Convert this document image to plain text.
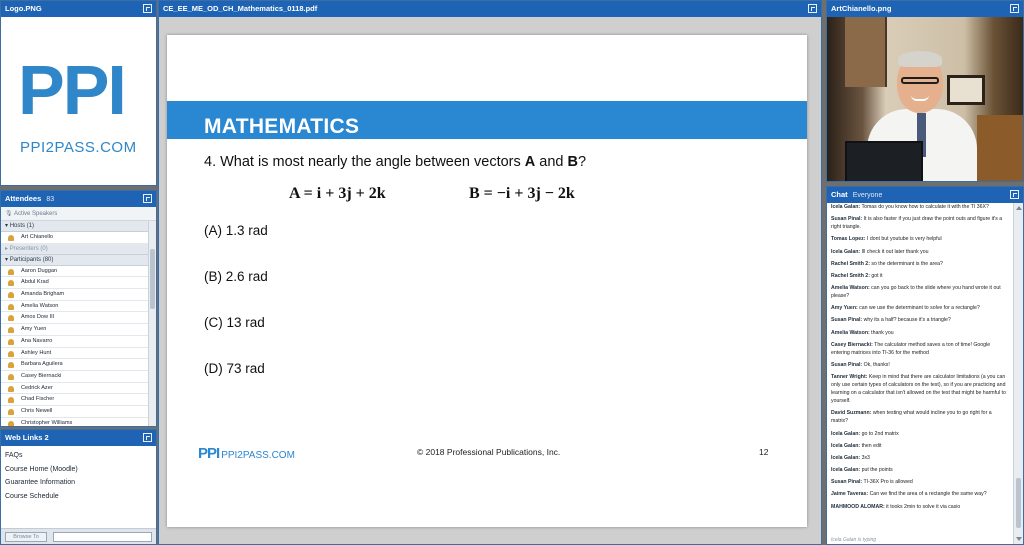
Logo.PNG
PPI
PPI2PASS.COM
Attendees 83
🎙 Active Speakers
▾ Hosts (1)
Art Chianello
▸ Presenters (0)
▾ Participants (80)
Aaron Duggan
Abdul Krad
Amanda Brigham
Amelia Watson
Amos Dow III
Amy Yuen
Ana Navarro
Ashley Hunt
Barbara Aguilera
Casey Biernacki
Cedrick Azer
Chad Fischer
Chris Newell
Christopher Williams
Web Links 2
FAQs
Course Home (Moodle)
Guarantee Information
Course Schedule
Browse To
CE_EE_ME_OD_CH_Mathematics_0118.pdf
MATHEMATICS
4. What is most nearly the angle between vectors A and B?
A = i + 3j + 2k	B = −i + 3j − 2k
(A) 1.3 rad
(B) 2.6 rad
(C) 13 rad
(D) 73 rad
PPI PPI2PASS.COM	© 2018 Professional Publications, Inc.	12
ArtChianello.png
Chat Everyone
Icela Galan: Tomas do you know how to calculate it with the TI 36X?
Susan Pinal: It is also faster if you just draw the point outs and figure it's a right triangle.
Tomas Lopez: I dont but youtube is very helpful
Icela Galan: Ill check it out later thank you
Rachel Smith 2: so the determinant is the area?
Rachel Smith 2: got it
Amelia Watson: can you go back to the slide where you hand wrote it out please?
Amy Yuen: can we use the determinant to solve for a rectangle?
Susan Pinal: why its a half? because it's a triangle?
Amelia Watson: thank you
Casey Biernacki: The calculator method saves a ton of time! Google entering matrices into TI-36 for the method
Susan Pinal: Ok, thanks!
Tanner Wright: Keep in mind that there are calculator limitations (a you can only use certain types of calculators on the test), so if you are practicing and learning on a calculator that isn't allowed on the test that might be harmful to yourself.
David Suzmann: when testing what would incline you to go right for a matrix?
Icela Galan: go to 2nd matrix
Icela Galan: then edit
Icela Galan: 3x3
Icela Galan: put the points
Susan Pinal: TI-36X Pro is allowed
Jaime Taveras: Can we find the area of a rectangle the same way?
MAHMOOD ALOMAR: it tooks 2min to solve it via casio
Icela Galan is typing
